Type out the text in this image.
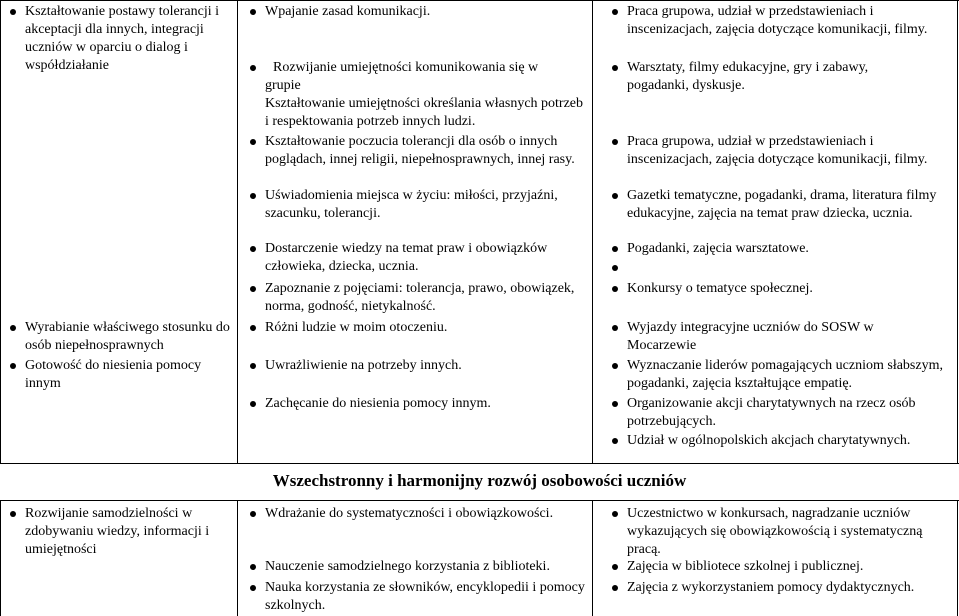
Kształtowanie postawy tolerancji i akceptacji dla innych, integracji uczniów w oparciu o dialog i współdziałanie
Wyrabianie właściwego stosunku do osób niepełnosprawnych
Gotowość do niesienia pomocy innym
Wpajanie zasad komunikacji.
Rozwijanie umiejętności komunikowania się w grupie
Kształtowanie umiejętności określania własnych potrzeb i respektowania potrzeb innych ludzi.
Kształtowanie poczucia tolerancji dla osób o innych poglądach, innej religii, niepełnosprawnych, innej rasy.
Uświadomienia miejsca w życiu: miłości, przyjaźni, szacunku, tolerancji.
Dostarczenie wiedzy na temat praw i obowiązków człowieka, dziecka, ucznia.
Zapoznanie z pojęciami: tolerancja, prawo, obowiązek, norma, godność, nietykalność.
Różni ludzie w moim otoczeniu.
Uwrażliwienie na potrzeby innych.
Zachęcanie do niesienia pomocy innym.
Praca grupowa, udział w przedstawieniach i inscenizacjach, zajęcia dotyczące komunikacji, filmy.
Warsztaty, filmy edukacyjne, gry i zabawy, pogadanki, dyskusje.
Praca grupowa, udział w przedstawieniach i inscenizacjach, zajęcia dotyczące komunikacji, filmy.
Gazetki tematyczne, pogadanki, drama, literatura filmy edukacyjne, zajęcia na temat praw dziecka, ucznia.
Pogadanki, zajęcia warsztatowe.
Konkursy o tematyce społecznej.
Wyjazdy integracyjne uczniów do SOSW w Mocarzewie
Wyznaczanie liderów pomagających uczniom słabszym, pogadanki, zajęcia kształtujące empatię.
Organizowanie akcji charytatywnych na rzecz osób potrzebujących.
Udział w ogólnopolskich akcjach charytatywnych.
Wszechstronny i harmonijny rozwój osobowości uczniów
Rozwijanie samodzielności w zdobywaniu wiedzy, informacji i umiejętności
Wdrażanie do systematyczności i obowiązkowości.
Nauczenie samodzielnego korzystania z biblioteki.
Nauka korzystania ze słowników, encyklopedii i pomocy szkolnych.
Uczestnictwo w konkursach, nagradzanie uczniów wykazujących się obowiązkowością i systematyczną pracą.
Zajęcia w bibliotece szkolnej i publicznej.
Zajęcia z wykorzystaniem pomocy dydaktycznych.
